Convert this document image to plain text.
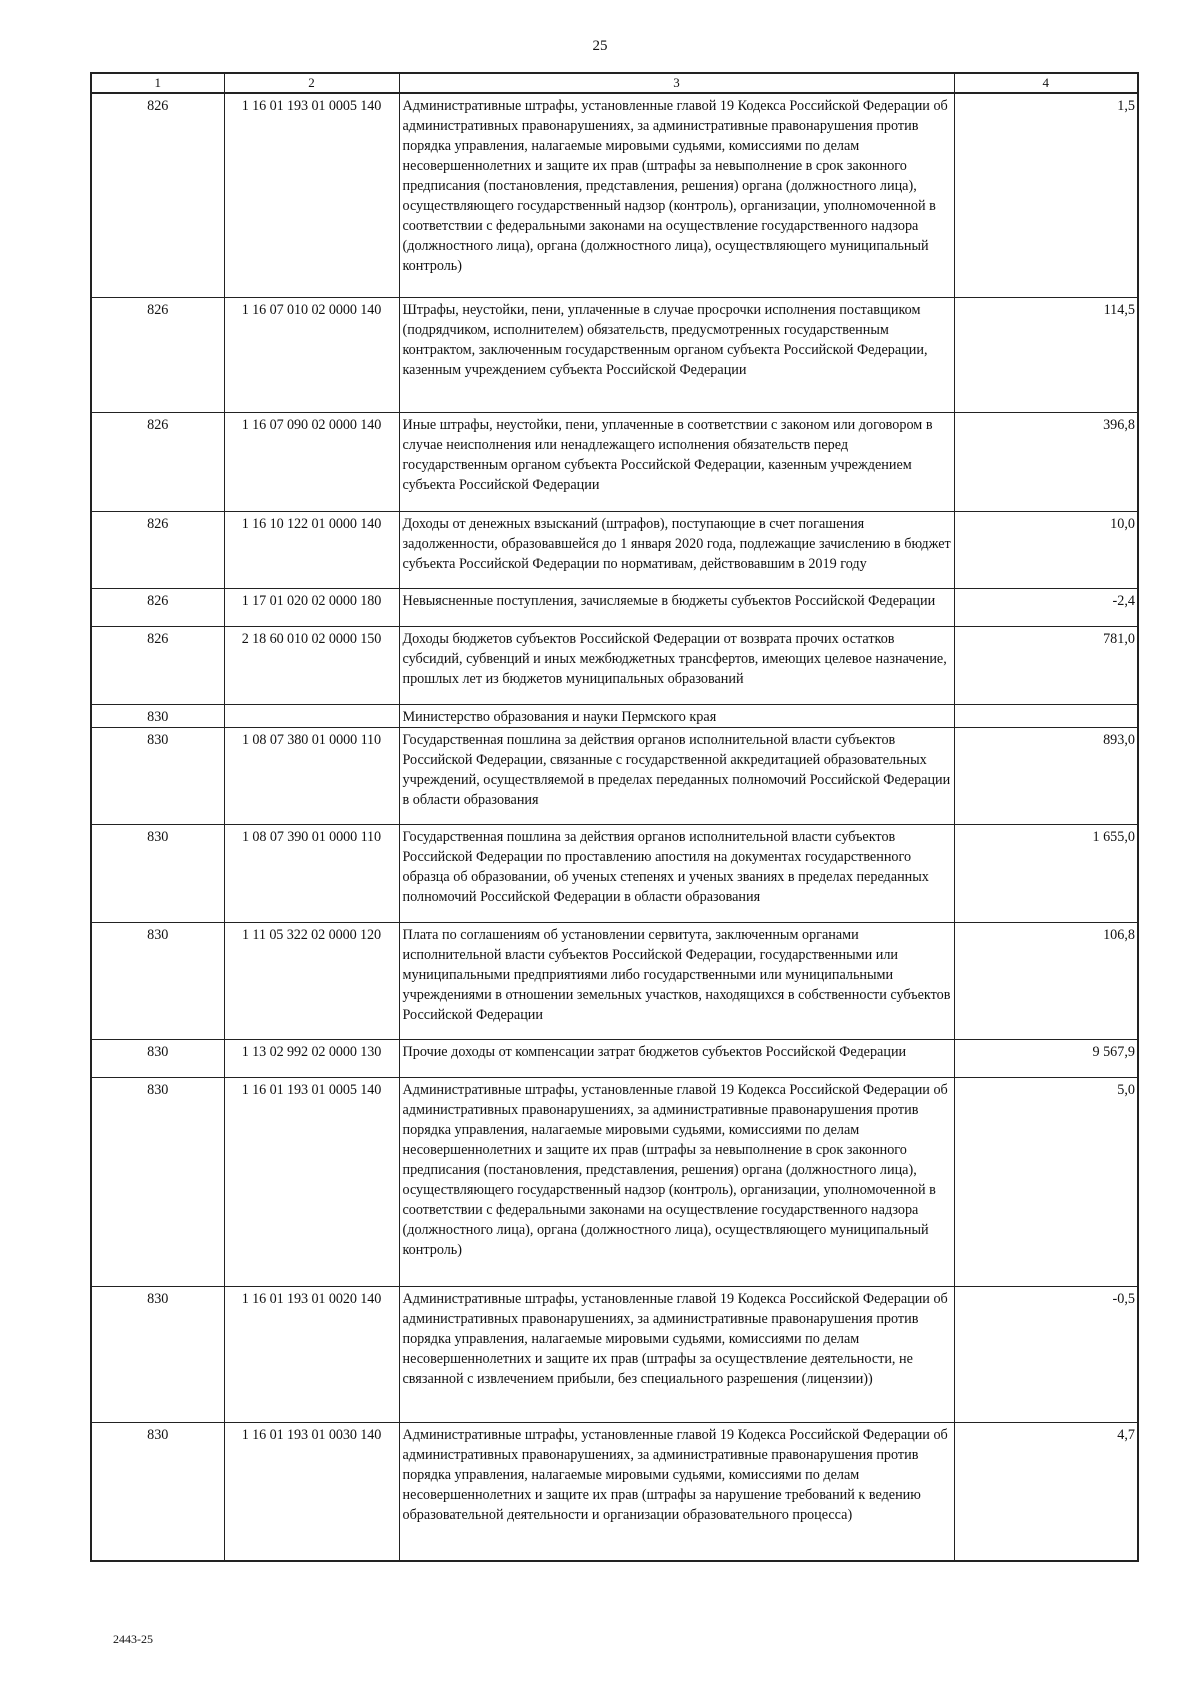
25
1	2	3	4
826	1 16 01 193 01 0005 140	Административные штрафы, установленные главой 19 Кодекса Российской Федерации об административных правонарушениях, за административные правонарушения против порядка управления, налагаемые мировыми судьями, комиссиями по делам несовершеннолетних и защите их прав (штрафы за невыполнение в срок законного предписания (постановления, представления, решения) органа (должностного лица), осуществляющего государственный надзор (контроль), организации, уполномоченной в соответствии с федеральными законами на осуществление государственного надзора (должностного лица), органа (должностного лица), осуществляющего муниципальный контроль)	1,5
826	1 16 07 010 02 0000 140	Штрафы, неустойки, пени, уплаченные в случае просрочки исполнения поставщиком (подрядчиком, исполнителем) обязательств, предусмотренных государственным контрактом, заключенным государственным органом субъекта Российской Федерации, казенным учреждением субъекта Российской Федерации	114,5
826	1 16 07 090 02 0000 140	Иные штрафы, неустойки, пени, уплаченные в соответствии с законом или договором в случае неисполнения или ненадлежащего исполнения обязательств перед государственным органом субъекта Российской Федерации, казенным учреждением субъекта Российской Федерации	396,8
826	1 16 10 122 01 0000 140	Доходы от денежных взысканий (штрафов), поступающие в счет погашения задолженности, образовавшейся до 1 января 2020 года, подлежащие зачислению в бюджет субъекта Российской Федерации по нормативам, действовавшим в 2019 году	10,0
826	1 17 01 020 02 0000 180	Невыясненные поступления, зачисляемые в бюджеты субъектов Российской Федерации	-2,4
826	2 18 60 010 02 0000 150	Доходы бюджетов субъектов Российской Федерации от возврата прочих остатков субсидий, субвенций и иных межбюджетных трансфертов, имеющих целевое назначение, прошлых лет из бюджетов муниципальных образований	781,0
830		Министерство образования и науки Пермского края	
830	1 08 07 380 01 0000 110	Государственная пошлина за действия органов исполнительной власти субъектов Российской Федерации, связанные с государственной аккредитацией образовательных учреждений, осуществляемой в пределах переданных полномочий Российской Федерации в области образования	893,0
830	1 08 07 390 01 0000 110	Государственная пошлина за действия органов исполнительной власти субъектов Российской Федерации по проставлению апостиля на документах государственного образца об образовании, об ученых степенях и ученых званиях в пределах переданных полномочий Российской Федерации в области образования	1 655,0
830	1 11 05 322 02 0000 120	Плата по соглашениям об установлении сервитута, заключенным органами исполнительной власти субъектов Российской Федерации, государственными или муниципальными предприятиями либо государственными или муниципальными учреждениями в отношении земельных участков, находящихся в собственности субъектов Российской Федерации	106,8
830	1 13 02 992 02 0000 130	Прочие доходы от компенсации затрат бюджетов субъектов Российской Федерации	9 567,9
830	1 16 01 193 01 0005 140	Административные штрафы, установленные главой 19 Кодекса Российской Федерации об административных правонарушениях, за административные правонарушения против порядка управления, налагаемые мировыми судьями, комиссиями по делам несовершеннолетних и защите их прав (штрафы за невыполнение в срок законного предписания (постановления, представления, решения) органа (должностного лица), осуществляющего государственный надзор (контроль), организации, уполномоченной в соответствии с федеральными законами на осуществление государственного надзора (должностного лица), органа (должностного лица), осуществляющего муниципальный контроль)	5,0
830	1 16 01 193 01 0020 140	Административные штрафы, установленные главой 19 Кодекса Российской Федерации об административных правонарушениях, за административные правонарушения против порядка управления, налагаемые мировыми судьями, комиссиями по делам несовершеннолетних и защите их прав (штрафы за осуществление деятельности, не связанной с извлечением прибыли, без специального разрешения (лицензии))	-0,5
830	1 16 01 193 01 0030 140	Административные штрафы, установленные главой 19 Кодекса Российской Федерации об административных правонарушениях, за административные правонарушения против порядка управления, налагаемые мировыми судьями, комиссиями по делам несовершеннолетних и защите их прав (штрафы за нарушение требований к ведению образовательной деятельности и организации образовательного процесса)	4,7
2443-25
